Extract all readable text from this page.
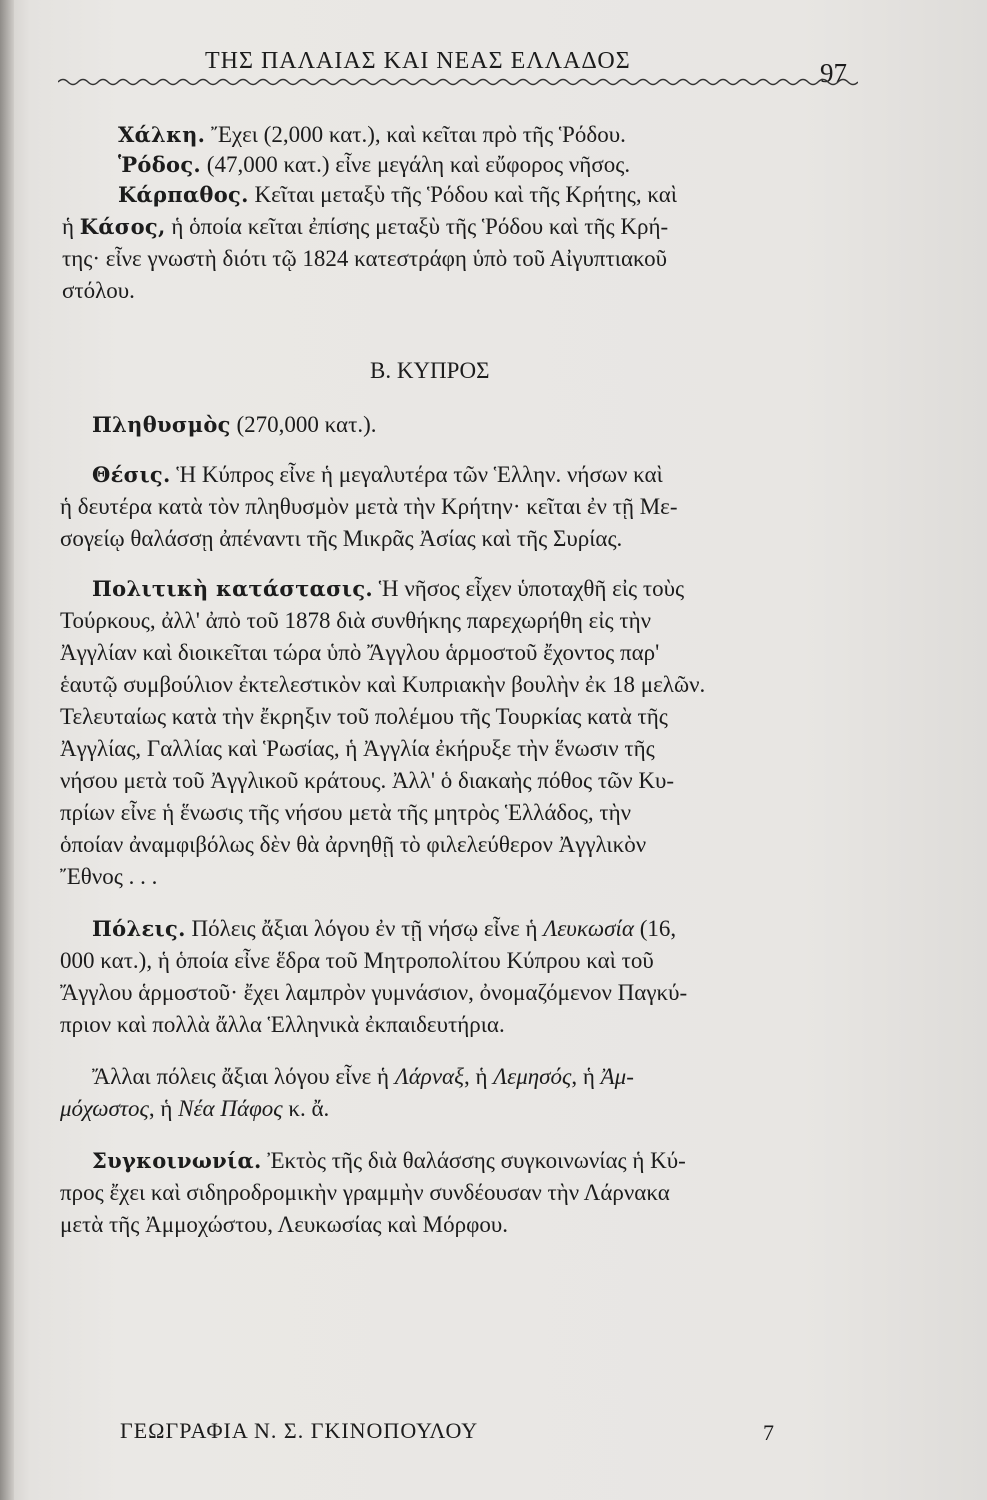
ΤΗΣ ΠΑΛΑΙΑΣ ΚΑΙ ΝΕΑΣ ΕΛΛΑΔΟΣ	97
Χάλκη. Ἔχει (2,000 κατ.), καὶ κεῖται πρὸ τῆς Ῥόδου.
Ῥόδος. (47,000 κατ.) εἶνε μεγάλη καὶ εὔφορος νῆσος.
Κάρπαθος. Κεῖται μεταξὺ τῆς Ῥόδου καὶ τῆς Κρήτης, καὶ
ἡ Κάσος, ἡ ὁποία κεῖται ἐπίσης μεταξὺ τῆς Ῥόδου καὶ τῆς Κρή-
της· εἶνε γνωστὴ διότι τῷ 1824 κατεστράφη ὑπὸ τοῦ Αἰγυπτιακοῦ
στόλου.
Β. ΚΥΠΡΟΣ
Πληθυσμὸς (270,000 κατ.).
Θέσις. Ἡ Κύπρος εἶνε ἡ μεγαλυτέρα τῶν Ἑλλην. νήσων καὶ
ἡ δευτέρα κατὰ τὸν πληθυσμὸν μετὰ τὴν Κρήτην· κεῖται ἐν τῇ Με-
σογείῳ θαλάσσῃ ἀπέναντι τῆς Μικρᾶς Ἀσίας καὶ τῆς Συρίας.
Πολιτικὴ κατάστασις. Ἡ νῆσος εἶχεν ὑποταχθῆ εἰς τοὺς
Τούρκους, ἀλλ' ἀπὸ τοῦ 1878 διὰ συνθήκης παρεχωρήθη εἰς τὴν
Ἀγγλίαν καὶ διοικεῖται τώρα ὑπὸ Ἄγγλου ἁρμοστοῦ ἔχοντος παρ'
ἑαυτῷ συμβούλιον ἐκτελεστικὸν καὶ Κυπριακὴν βουλὴν ἐκ 18 μελῶν.
Τελευταίως κατὰ τὴν ἔκρηξιν τοῦ πολέμου τῆς Τουρκίας κατὰ τῆς
Ἀγγλίας, Γαλλίας καὶ Ῥωσίας, ἡ Ἀγγλία ἐκήρυξε τὴν ἕνωσιν τῆς
νήσου μετὰ τοῦ Ἀγγλικοῦ κράτους. Ἀλλ' ὁ διακαὴς πόθος τῶν Κυ-
πρίων εἶνε ἡ ἕνωσις τῆς νήσου μετὰ τῆς μητρὸς Ἑλλάδος, τὴν
ὁποίαν ἀναμφιβόλως δὲν θὰ ἀρνηθῇ τὸ φιλελεύθερον Ἀγγλικὸν
Ἔθνος . . .
Πόλεις. Πόλεις ἄξιαι λόγου ἐν τῇ νήσῳ εἶνε ἡ Λευκωσία (16,
000 κατ.), ἡ ὁποία εἶνε ἕδρα τοῦ Μητροπολίτου Κύπρου καὶ τοῦ
Ἄγγλου ἁρμοστοῦ· ἔχει λαμπρὸν γυμνάσιον, ὀνομαζόμενον Παγκύ-
πριον καὶ πολλὰ ἄλλα Ἑλληνικὰ ἐκπαιδευτήρια.
Ἄλλαι πόλεις ἄξιαι λόγου εἶνε ἡ Λάρναξ, ἡ Λεμησός, ἡ Ἀμ-
μόχωστος, ἡ Νέα Πάφος κ. ἄ.
Συγκοινωνία. Ἐκτὸς τῆς διὰ θαλάσσης συγκοινωνίας ἡ Κύ-
προς ἔχει καὶ σιδηροδρομικὴν γραμμὴν συνδέουσαν τὴν Λάρνακα
μετὰ τῆς Ἀμμοχώστου, Λευκωσίας καὶ Μόρφου.
ΓΕΩΓΡΑΦΙΑ Ν. Σ. ΓΚΙΝΟΠΟΥΛΟΥ	7
